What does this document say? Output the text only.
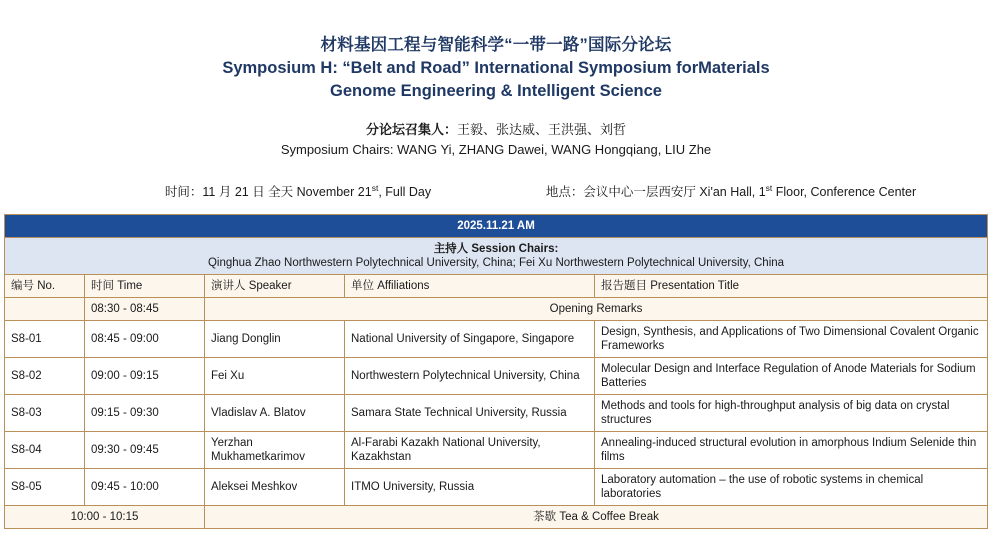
材料基因工程与智能科学“一带一路”国际分论坛
Symposium H: “Belt and Road” International Symposium forMaterials
Genome Engineering & Intelligent Science
分论坛召集人：王毅、张达威、王洪强、刘哲
Symposium Chairs: WANG Yi, ZHANG Dawei, WANG Hongqiang, LIU Zhe
时间：11 月 21 日 全天 November 21st, Full Day	地点：会议中心一层西安厅 Xi'an Hall, 1st Floor, Conference Center
2025.11.21 AM				

主持人 Session Chairs:
Qinghua Zhao Northwestern Polytechnical University, China; Fei Xu Northwestern Polytechnical University, China				

编号 No.	时间 Time	演讲人 Speaker	单位 Affiliations	报告题目 Presentation Title
	08:30 - 08:45	Opening Remarks		
S8-01	08:45 - 09:00	Jiang Donglin	National University of Singapore, Singapore	Design, Synthesis, and Applications of Two Dimensional Covalent Organic Frameworks
S8-02	09:00 - 09:15	Fei Xu	Northwestern Polytechnical University, China	Molecular Design and Interface Regulation of Anode Materials for Sodium Batteries
S8-03	09:15 - 09:30	Vladislav A. Blatov	Samara State Technical University, Russia	Methods and tools for high-throughput analysis of big data on crystal structures
S8-04	09:30 - 09:45	Yerzhan Mukhametkarimov	Al-Farabi Kazakh National University, Kazakhstan	Annealing-induced structural evolution in amorphous Indium Selenide thin films
S8-05	09:45 - 10:00	Aleksei Meshkov	ITMO University, Russia	Laboratory automation – the use of robotic systems in chemical laboratories
10:00 - 10:15		茶歇 Tea & Coffee Break		
